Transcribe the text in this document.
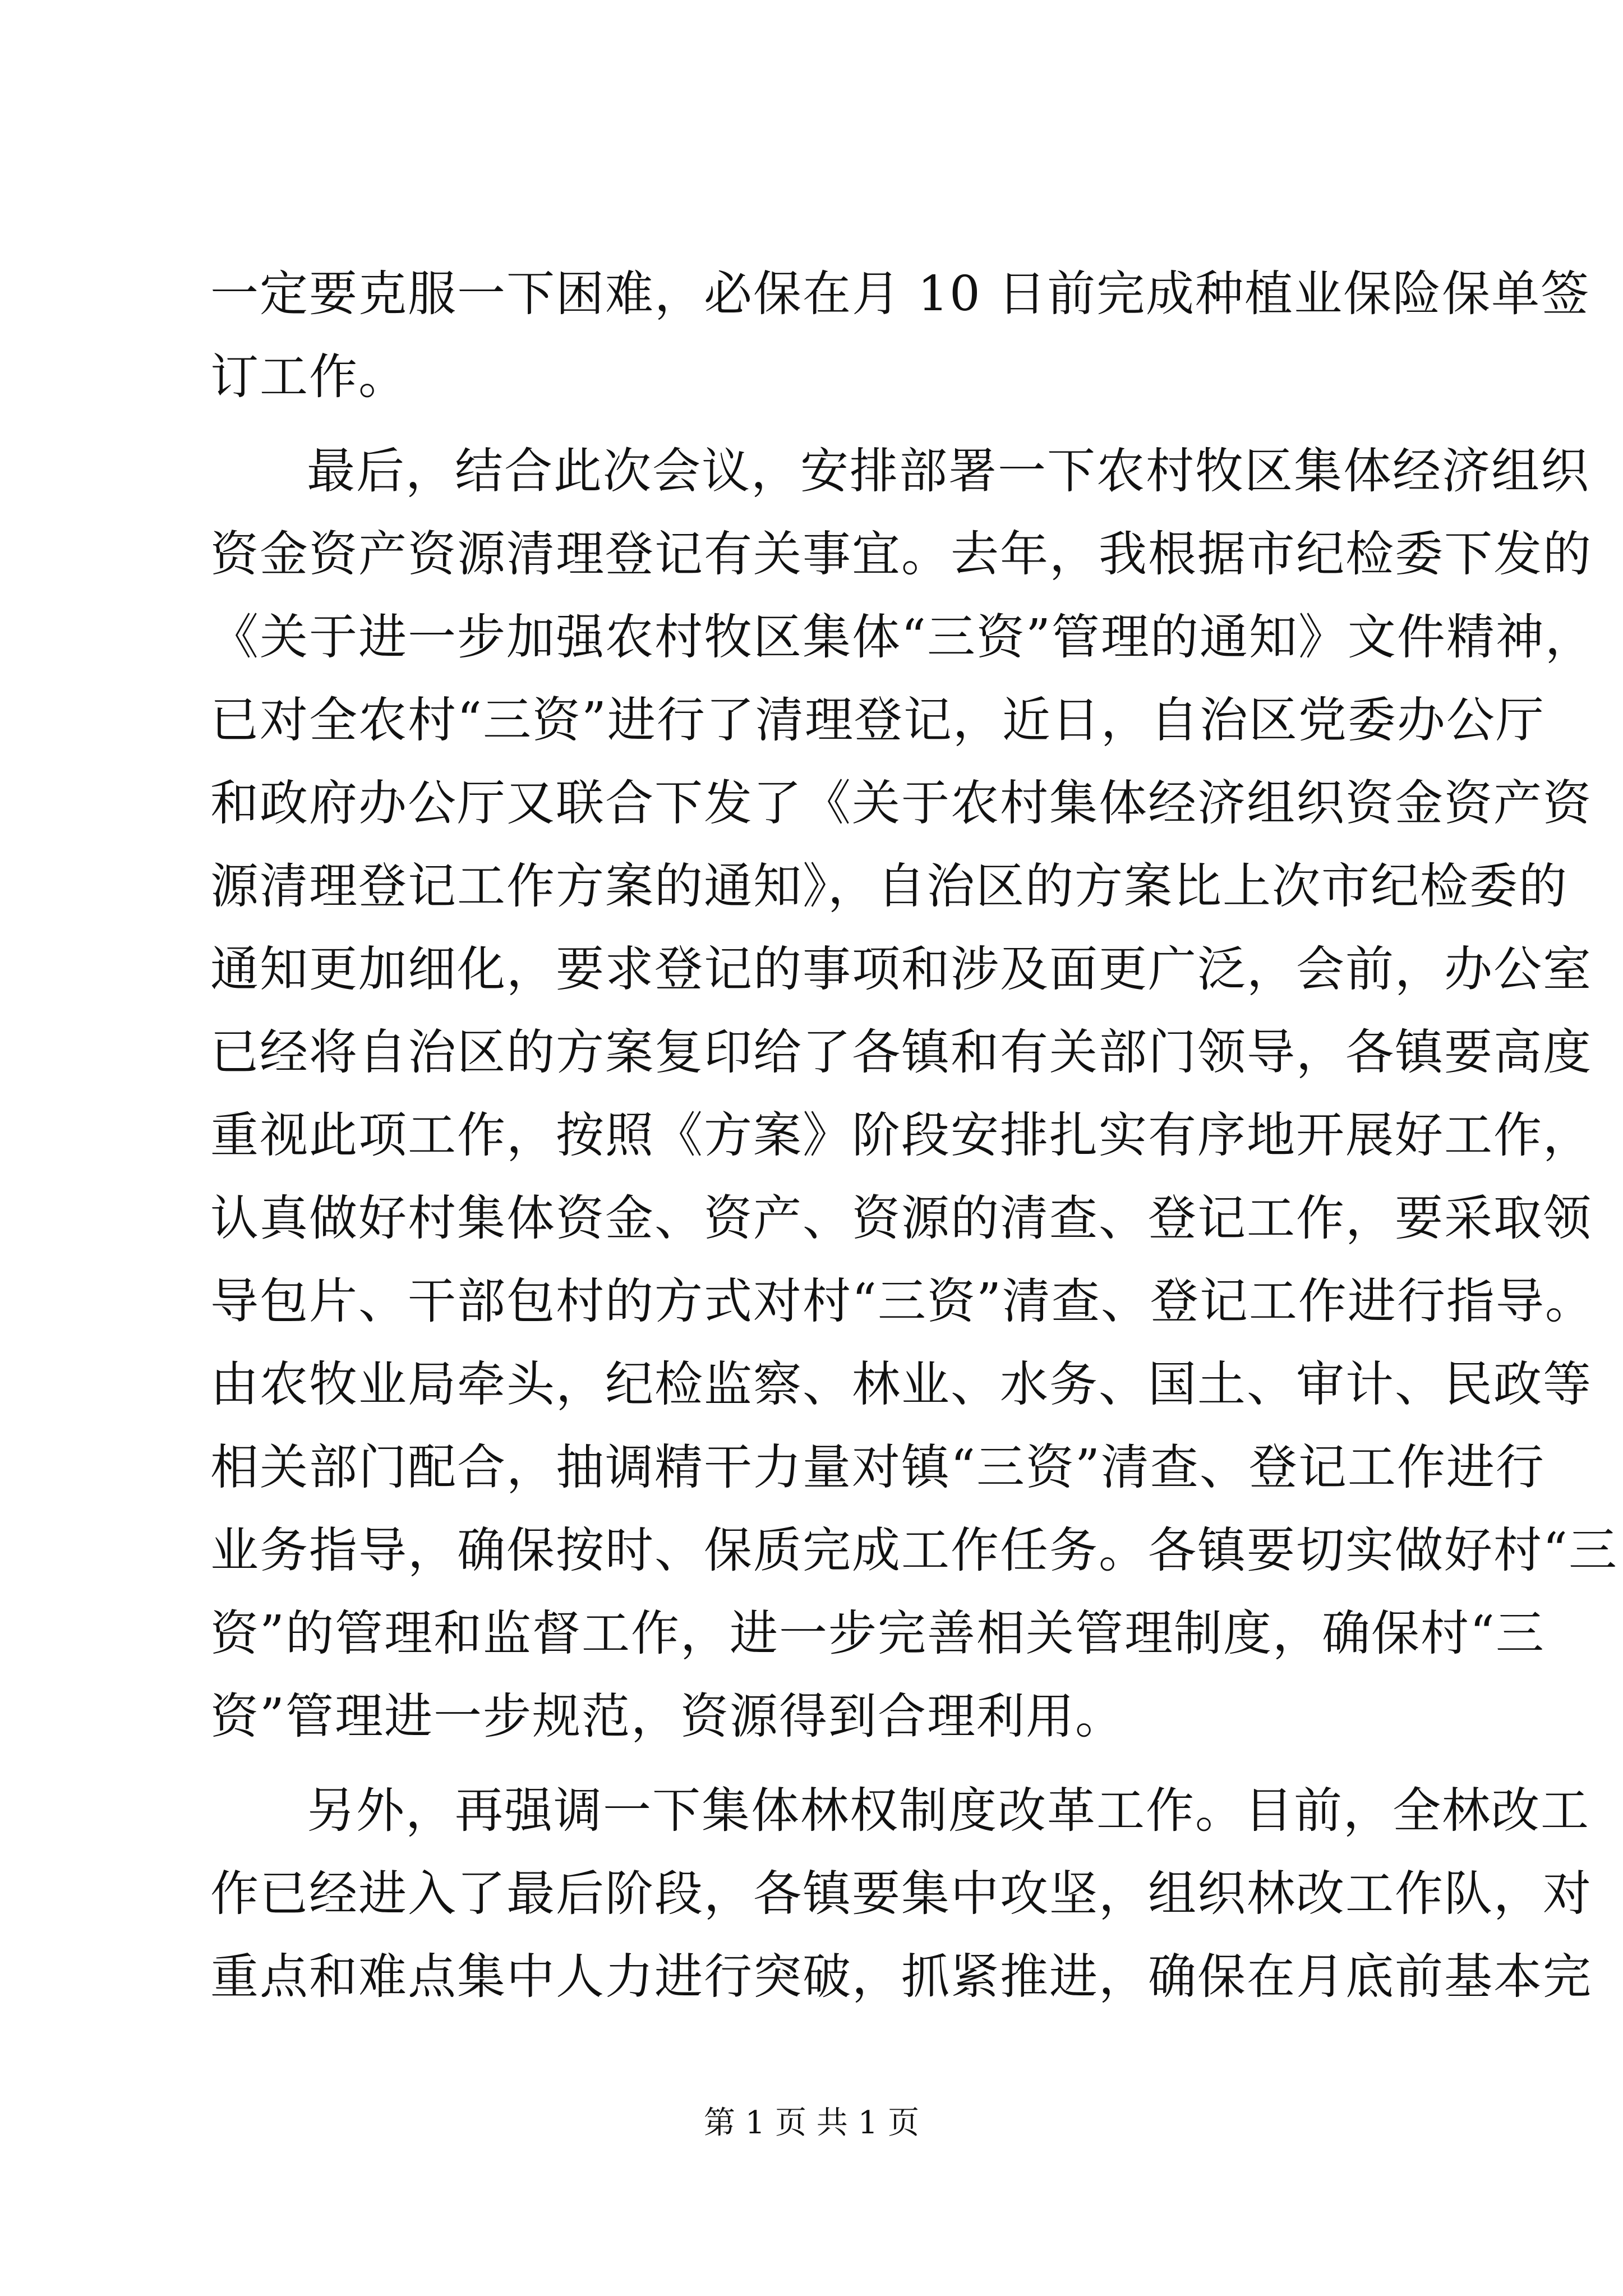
一定要克服一下困难，必保在月 10 日前完成种植业保险保单签
订工作。
最后，结合此次会议，安排部署一下农村牧区集体经济组织
资金资产资源清理登记有关事宜。去年，我根据市纪检委下发的
《关于进一步加强农村牧区集体“三资”管理的通知》文件精神，
已对全农村“三资”进行了清理登记，近日，自治区党委办公厅
和政府办公厅又联合下发了《关于农村集体经济组织资金资产资
源清理登记工作方案的通知》，自治区的方案比上次市纪检委的
通知更加细化，要求登记的事项和涉及面更广泛，会前，办公室
已经将自治区的方案复印给了各镇和有关部门领导，各镇要高度
重视此项工作，按照《方案》阶段安排扎实有序地开展好工作，
认真做好村集体资金、资产、资源的清查、登记工作，要采取领
导包片、干部包村的方式对村“三资”清查、登记工作进行指导。
由农牧业局牵头，纪检监察、林业、水务、国土、审计、民政等
相关部门配合，抽调精干力量对镇“三资”清查、登记工作进行
业务指导，确保按时、保质完成工作任务。各镇要切实做好村“三
资”的管理和监督工作，进一步完善相关管理制度，确保村“三
资”管理进一步规范，资源得到合理利用。
另外，再强调一下集体林权制度改革工作。目前，全林改工
作已经进入了最后阶段，各镇要集中攻坚，组织林改工作队，对
重点和难点集中人力进行突破，抓紧推进，确保在月底前基本完
第 1 页 共 1 页
